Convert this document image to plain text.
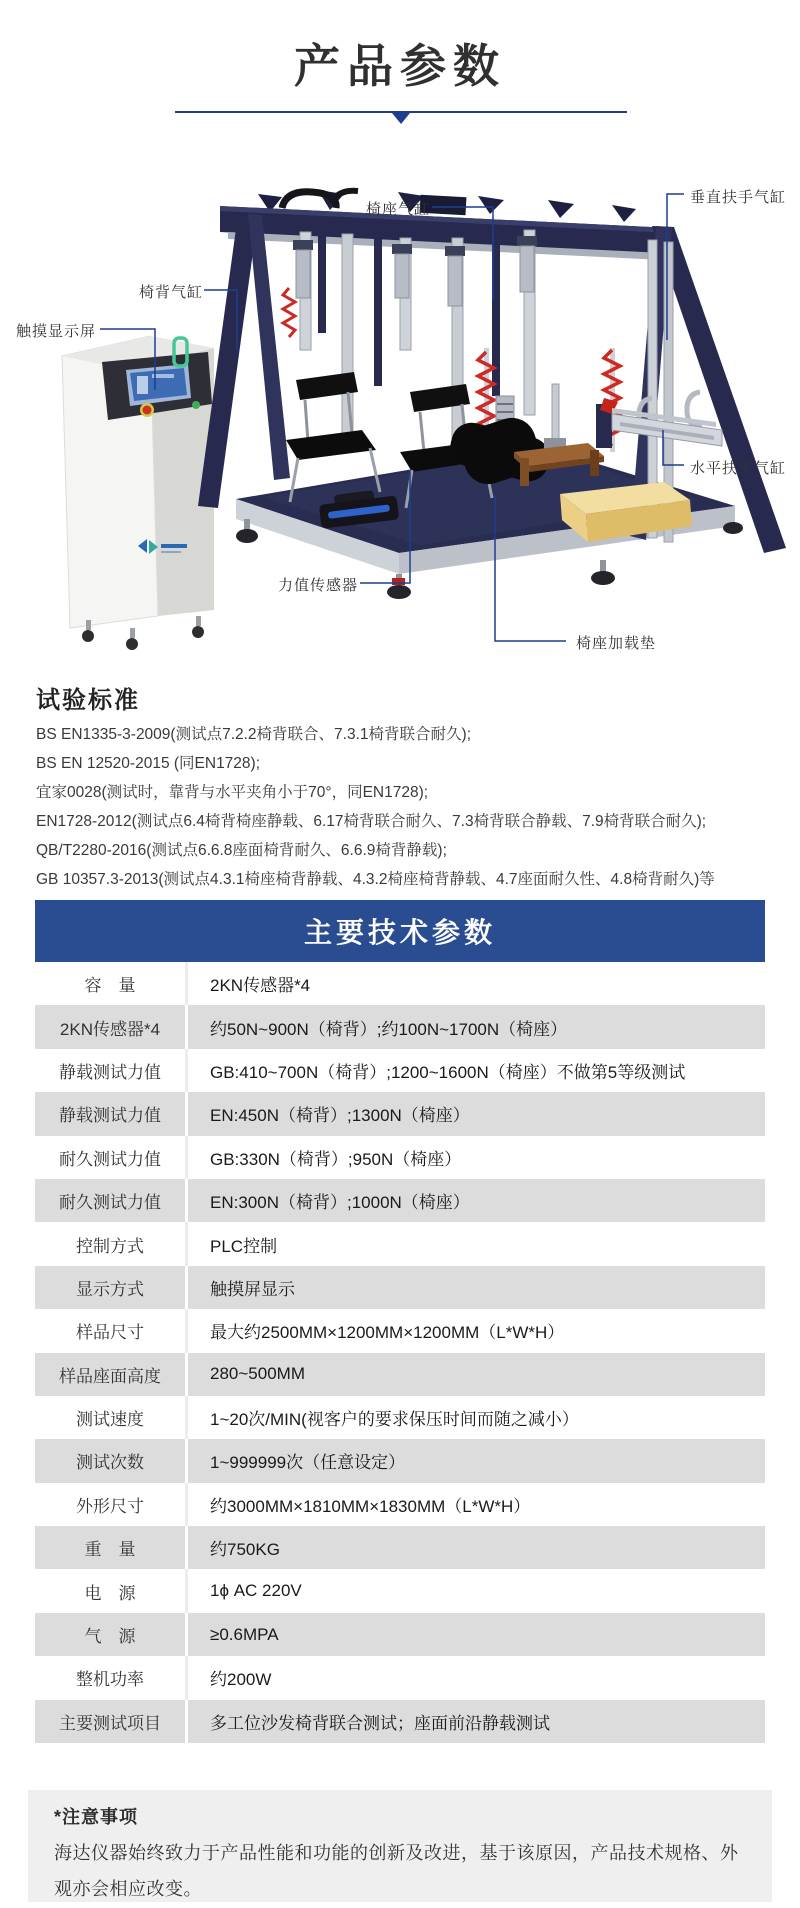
产品参数
椅座气缸
垂直扶手气缸
椅背气缸
触摸显示屏
水平扶手气缸
力值传感器
椅座加载垫
试验标准
BS EN1335-3-2009(测试点7.2.2椅背联合、7.3.1椅背联合耐久);
BS EN 12520-2015 (同EN1728);
宜家0028(测试时，靠背与水平夹角小于70°，同EN1728);
EN1728-2012(测试点6.4椅背椅座静载、6.17椅背联合耐久、7.3椅背联合静载、7.9椅背联合耐久);
QB/T2280-2016(测试点6.6.8座面椅背耐久、6.6.9椅背静载);
GB 10357.3-2013(测试点4.3.1椅座椅背静载、4.3.2椅座椅背静载、4.7座面耐久性、4.8椅背耐久)等
主要技术参数
容　量	2KN传感器*4
2KN传感器*4	约50N~900N（椅背）;约100N~1700N（椅座）
静载测试力值	GB:410~700N（椅背）;1200~1600N（椅座）不做第5等级测试
静载测试力值	EN:450N（椅背）;1300N（椅座）
耐久测试力值	GB:330N（椅背）;950N（椅座）
耐久测试力值	EN:300N（椅背）;1000N（椅座）
控制方式	PLC控制
显示方式	触摸屏显示
样品尺寸	最大约2500MM×1200MM×1200MM（L*W*H）
样品座面高度	280~500MM
测试速度	1~20次/MIN(视客户的要求保压时间而随之减小）
测试次数	1~999999次（任意设定）
外形尺寸	约3000MM×1810MM×1830MM（L*W*H）
重　量	约750KG
电　源	1ϕ AC 220V
气　源	≥0.6MPA
整机功率	约200W
主要测试项目	多工位沙发椅背联合测试；座面前沿静载测试
*注意事项
海达仪器始终致力于产品性能和功能的创新及改进，基于该原因，产品技术规格、外观亦会相应改变。
